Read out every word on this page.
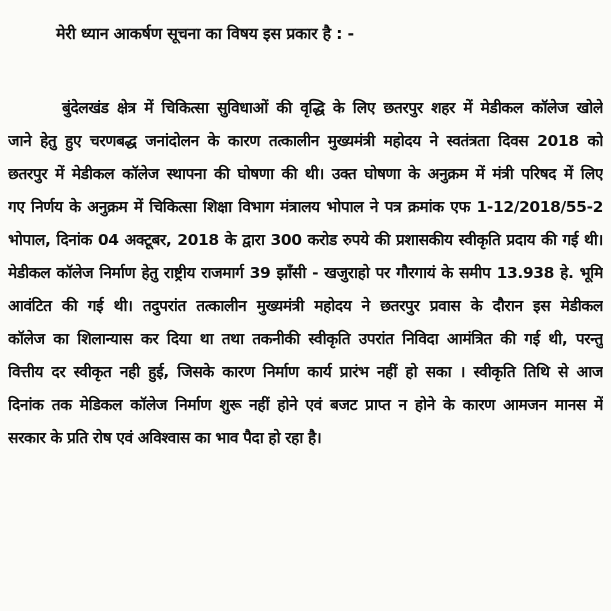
मेरी ध्यान आकर्षण सूचना का विषय इस प्रकार है : -
बुंदेलखंड क्षेत्र में चिकित्सा सुविधाओं की वृद्धि के लिए छतरपुर शहर में मेडीकल कॉलेज खोले
जाने हेतु हुए चरणबद्ध जनांदोलन के कारण तत्कालीन मुख्यमंत्री महोदय ने स्वतंत्रता दिवस 2018 को
छतरपुर में मेडीकल कॉलेज स्थापना की घोषणा की थी। उक्त घोषणा के अनुक्रम में मंत्री परिषद में लिए
गए निर्णय के अनुक्रम में चिकित्सा शिक्षा विभाग मंत्रालय भोपाल ने पत्र क्रमांक एफ 1-12/2018/55-2
भोपाल, दिनांक 04 अक्टूबर, 2018 के द्वारा 300 करोड रुपये की प्रशासकीय स्वीकृति प्रदाय की गई थी।
मेडीकल कॉलेज निर्माण हेतु राष्ट्रीय राजमार्ग 39 झाँसी - खजुराहो पर गौरगायं के समीप 13.938 हे. भूमि
आवंटित की गई थी। तदुपरांत तत्कालीन मुख्यमंत्री महोदय ने छतरपुर प्रवास के दौरान इस मेडीकल
कॉलेज का शिलान्यास कर दिया था तथा तकनीकी स्वीकृति उपरांत निविदा आमंत्रित की गई थी, परन्तु
वित्तीय दर स्वीकृत नही हुई, जिसके कारण निर्माण कार्य प्रारंभ नहीं हो सका । स्वीकृति तिथि से आज
दिनांक तक मेडिकल कॉलेज निर्माण शुरू नहीं होने एवं बजट प्राप्त न होने के कारण आमजन मानस में
सरकार के प्रति रोष एवं अविश्वास का भाव पैदा हो रहा है।
